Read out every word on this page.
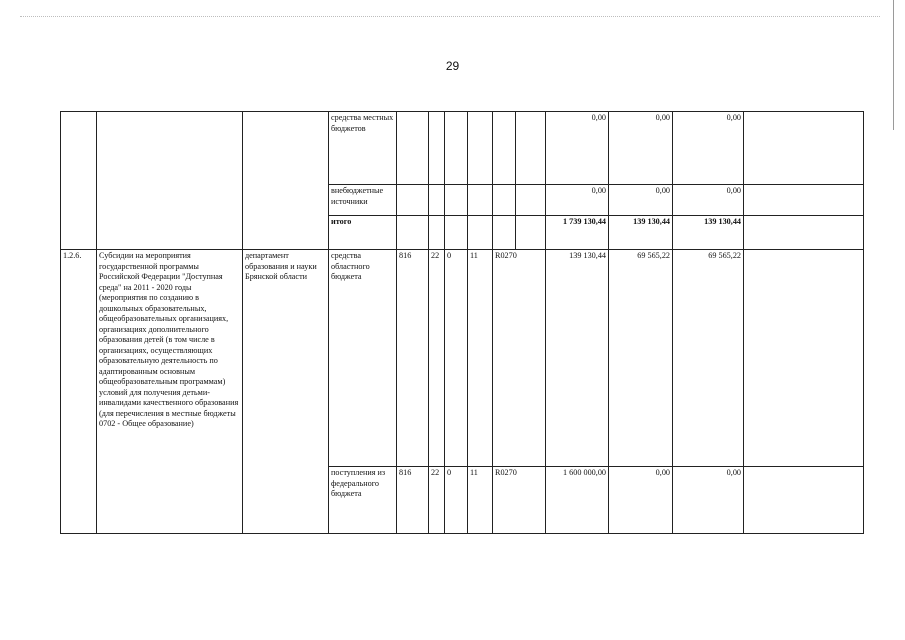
29
			средства местных бюджетов							0,00	0,00	0,00	
			внебюджетные источники							0,00	0,00	0,00	
			итого							1 739 130,44	139 130,44	139 130,44	
1.2.6.	Субсидии на мероприятия государственной программы Российской Федерации "Доступная среда" на 2011 - 2020 годы (мероприятия по созданию в дошкольных образовательных, общеобразовательных организациях, организациях дополнительного образования детей (в том числе в организациях, осуществляющих образовательную деятельность по адаптированным основным общеобразовательным программам) условий для получения детьми-инвалидами качественного образования (для перечисления в местные бюджеты 0702 - Общее образование)	департамент образования и науки Брянской области	средства областного бюджета	816	22	0	11	R0270		139 130,44	69 565,22	69 565,22	
			поступления из федерального бюджета	816	22	0	11	R0270		1 600 000,00	0,00	0,00	
